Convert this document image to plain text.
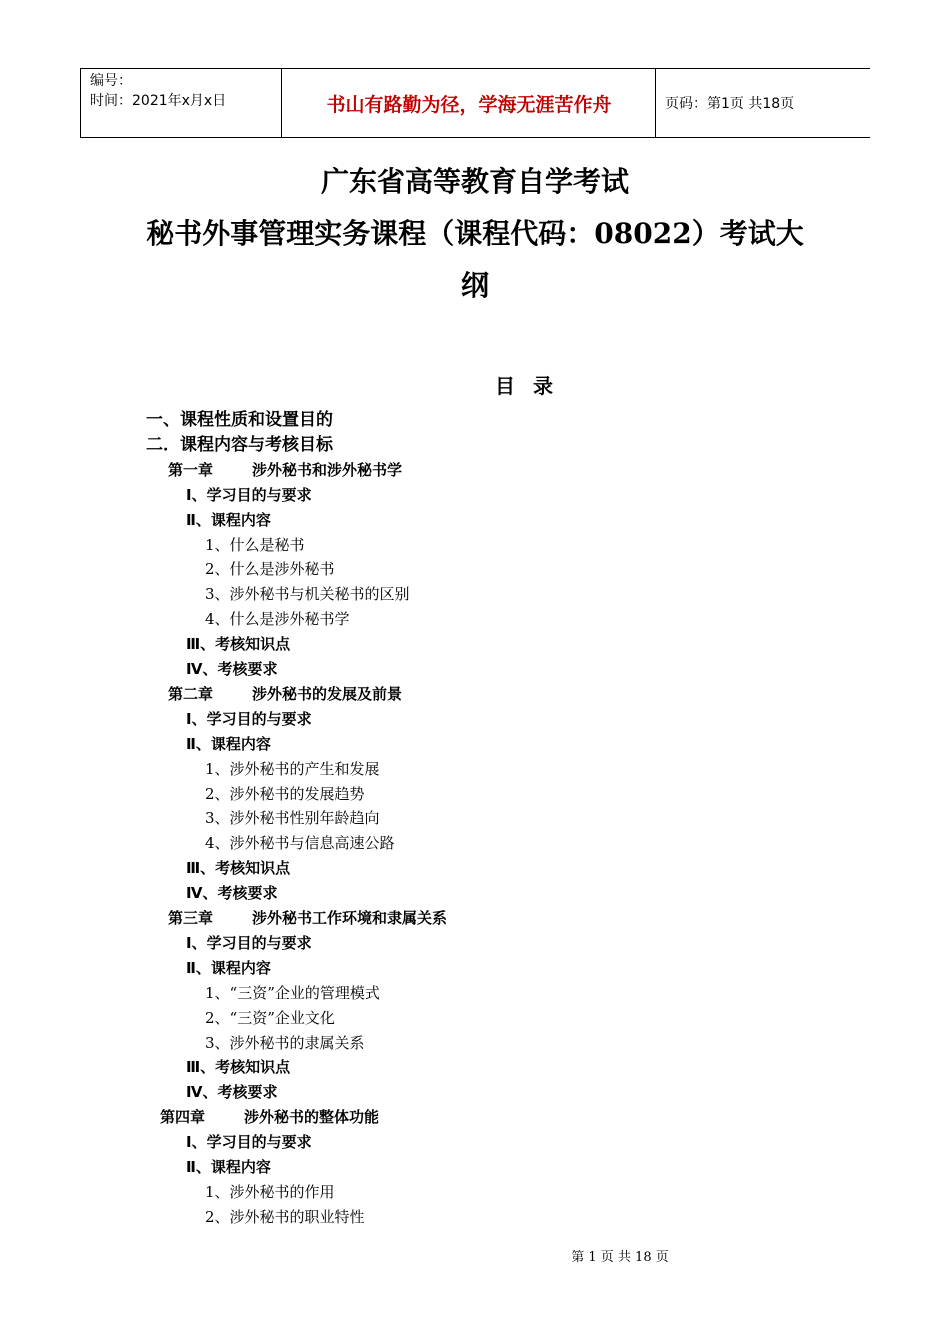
编号：
时间：2021年x月x日	书山有路勤为径，学海无涯苦作舟	页码：第1页 共18页
广东省高等教育自学考试
秘书外事管理实务课程（课程代码：08022）考试大
纲
目录
一、课程性质和设置目的
二．课程内容与考核目标
第一章	涉外秘书和涉外秘书学
Ⅰ、学习目的与要求
Ⅱ、课程内容
1、什么是秘书
2、什么是涉外秘书
3、涉外秘书与机关秘书的区别
4、什么是涉外秘书学
Ⅲ、考核知识点
Ⅳ、考核要求
第二章	涉外秘书的发展及前景
Ⅰ、学习目的与要求
Ⅱ、课程内容
1、涉外秘书的产生和发展
2、涉外秘书的发展趋势
3、涉外秘书性别年龄趋向
4、涉外秘书与信息高速公路
Ⅲ、考核知识点
Ⅳ、考核要求
第三章	涉外秘书工作环境和隶属关系
Ⅰ、学习目的与要求
Ⅱ、课程内容
1、“三资”企业的管理模式
2、“三资”企业文化
3、涉外秘书的隶属关系
Ⅲ、考核知识点
Ⅳ、考核要求
第四章	涉外秘书的整体功能
Ⅰ、学习目的与要求
Ⅱ、课程内容
1、涉外秘书的作用
2、涉外秘书的职业特性
第 1 页 共 18 页
